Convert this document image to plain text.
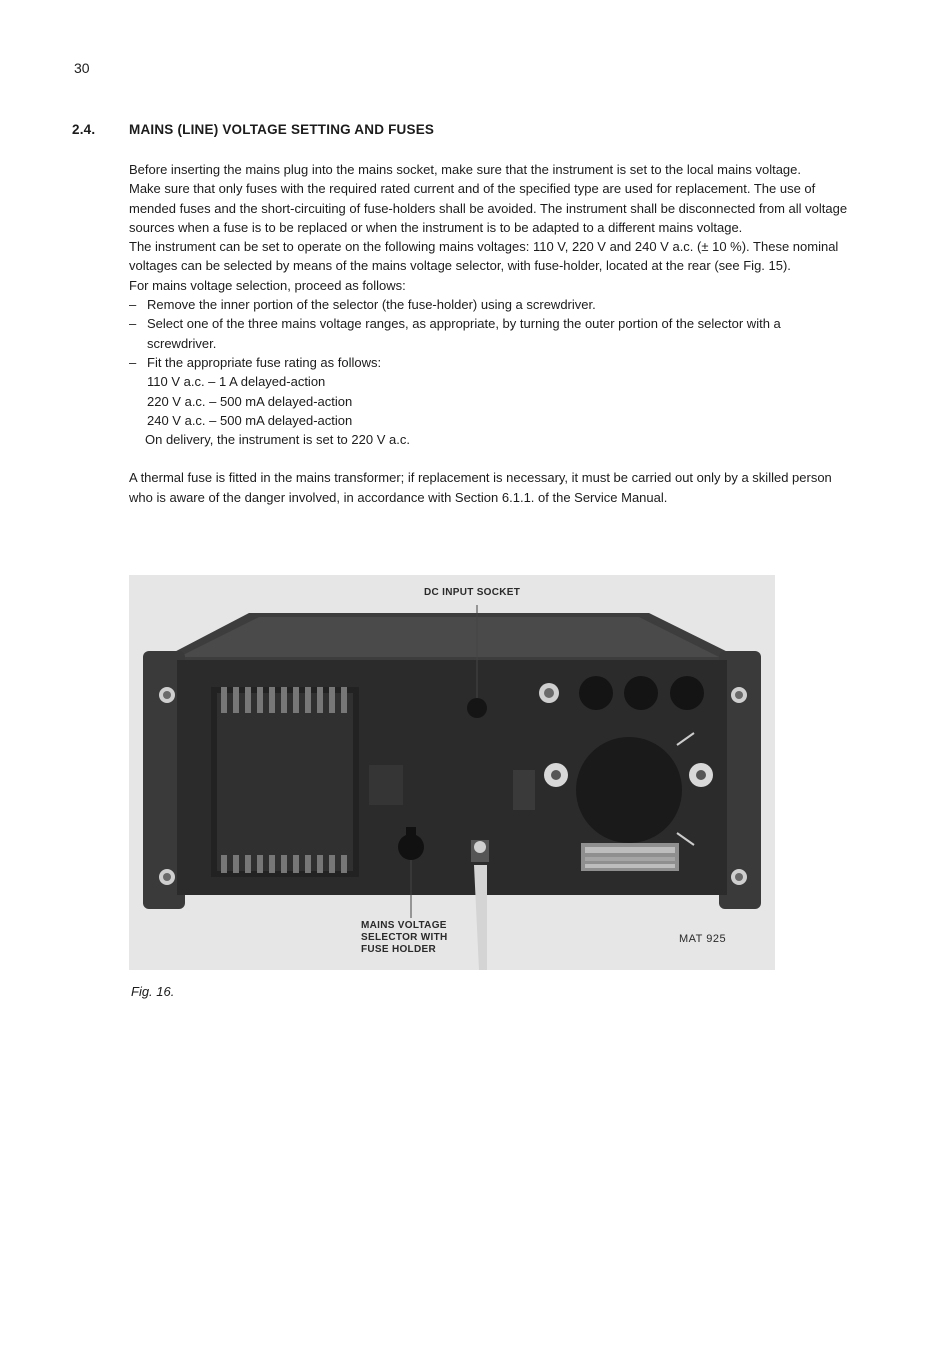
30
2.4. MAINS (LINE) VOLTAGE SETTING AND FUSES

Before inserting the mains plug into the mains socket, make sure that the instrument is set to the local mains voltage.

Make sure that only fuses with the required rated current and of the specified type are used for replacement. The use of mended fuses and the short-circuiting of fuse-holders shall be avoided. The instrument shall be disconnected from all voltage sources when a fuse is to be replaced or when the instrument is to be adapted to a different mains voltage.

The instrument can be set to operate on the following mains voltages: 110 V, 220 V and 240 V a.c. (± 10 %). These nominal voltages can be selected by means of the mains voltage selector, with fuse-holder, located at the rear (see Fig. 15).

For mains voltage selection, proceed as follows:

– Remove the inner portion of the selector (the fuse-holder) using a screwdriver.
– Select one of the three mains voltage ranges, as appropriate, by turning the outer portion of the selector with a screwdriver.
– Fit the appropriate fuse rating as follows:
110 V a.c. – 1 A delayed-action
220 V a.c. – 500 mA delayed-action
240 V a.c. – 500 mA delayed-action
On delivery, the instrument is set to 220 V a.c.

A thermal fuse is fitted in the mains transformer; if replacement is necessary, it must be carried out only by a skilled person who is aware of the danger involved, in accordance with Section 6.1.1. of the Service Manual.

DC INPUT SOCKET
MAINS VOLTAGE
SELECTOR WITH
FUSE HOLDER
MAT 925
Fig. 16.
